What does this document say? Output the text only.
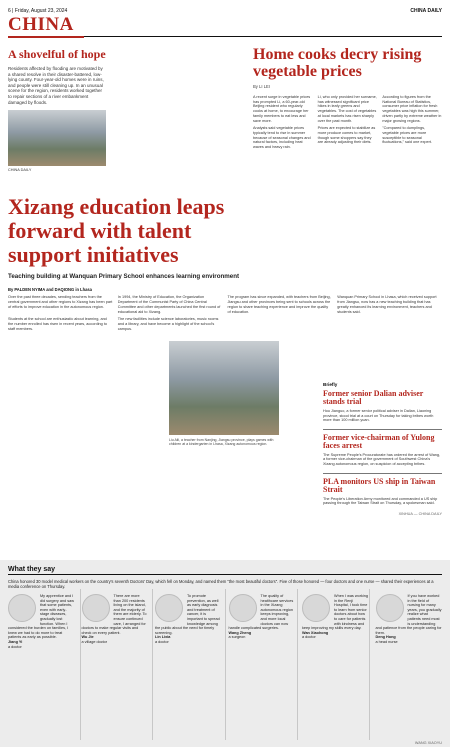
6 | Friday, August 23, 2024	CHINA DAILY
CHINA
A shovelful of hope

Residents affected by flooding are motivated by a shared resolve in their disaster-battered, low-lying county. Four-year-old homes were in ruins, and people were still cleaning up. In an unusual scene for the region, residents worked together to repair sections of a river embankment damaged by floods.

CHINA DAILY

Home cooks decry rising vegetable prices
By LI LEI

A recent surge in vegetable prices has prompted Li, a 60-year-old Beijing resident who regularly cooks at home, to encourage her family members to eat less and save more.

Li, who only provided her surname, has witnessed significant price hikes in leafy greens and vegetables. The cost of vegetables at local markets has risen sharply over the past month.

According to figures from the National Bureau of Statistics, consumer price inflation for fresh vegetables was high this summer, driven partly by extreme weather in major growing regions.

Analysts said vegetable prices typically tend to rise in summer because of seasonal changes and natural factors, including heat waves and heavy rain.

Prices are expected to stabilize as more produce comes to market, though some shoppers say they are already adjusting their diets.

"Compared to dumplings, vegetable prices are more susceptible to seasonal fluctuations," said one expert.

Xizang education leaps forward with talent support initiatives
Teaching building at Wanquan Primary School enhances learning environment
By PALDEN NYIMA and DAQIONG in Lhasa

Over the past three decades, sending teachers from the central government and other regions to Xizang has been part of efforts to improve education in the autonomous region.

In 1994, the Ministry of Education, the Organization Department of the Communist Party of China Central Committee and other departments launched the first round of educational aid to Xizang.

The program has since expanded, with teachers from Beijing, Jiangsu and other provinces being sent to schools across the region to share teaching experience and improve the quality of education.

Wanquan Primary School in Lhasa, which received support from Jiangsu, now has a new teaching building that has greatly enhanced its learning environment, teachers and students said.

Students at the school are enthusiastic about learning, and the number enrolled has risen in recent years, according to staff members.

The new facilities include science laboratories, music rooms and a library, and have become a highlight of the school's campus.

Liu Aili, a teacher from Nanjing, Jiangsu province, plays games with children at a kindergarten in Lhasa, Xizang autonomous region.
Briefly
Former senior Dalian adviser stands trial

Hou Jianguo, a former senior political adviser in Dalian, Liaoning province, stood trial at a court on Thursday for taking bribes worth more than 100 million yuan.

Former vice-chairman of Yulong faces arrest

The Supreme People's Procuratorate has ordered the arrest of Wang, a former vice-chairman of the government of Southwest China's Xizang autonomous region, on suspicion of accepting bribes.

PLA monitors US ship in Taiwan Strait

The People's Liberation Army monitored and commanded a US ship passing through the Taiwan Strait on Thursday, a spokesman said.

XINHUA — CHINA DAILY
What they say
China honored 30 model medical workers on the country's seventh Doctors' Day, which fell on Monday, and named them "the most beautiful doctors". Five of those honored — four doctors and one nurse — shared their experiences at a media conference on Thursday.
My apprentice and I did surgery and saw that some patients, even with early-stage diseases, gradually lost function. When I considered the burden on families, I knew we had to do more to treat patients as early as possible.
Jiang Yi
a doctor
There are more than 200 residents living on the island, and the majority of them are elderly. To ensure continued care, I arranged for doctors to make regular visits and check on every patient.
Wu Jie
a village doctor
To promote prevention, as well as early diagnosis and treatment of cancer, it is important to spread knowledge among the public about the need for timely screening.
Lin Lixia
a doctor
The quality of healthcare services in the Xizang autonomous region keeps improving, and more local doctors can now handle complicated surgeries.
Wang Zheng
a surgeon
When I was working in the Renji Hospital, I took time to learn from senior doctors about how to care for patients with kindness and keep improving my skills every day.
Wan Xiaohong
a doctor
If you have worked in the field of nursing for many years, you gradually realize what patients need most is understanding and patience from the people caring for them.
Deng Hong
a head nurse
WANG XIAOYU
